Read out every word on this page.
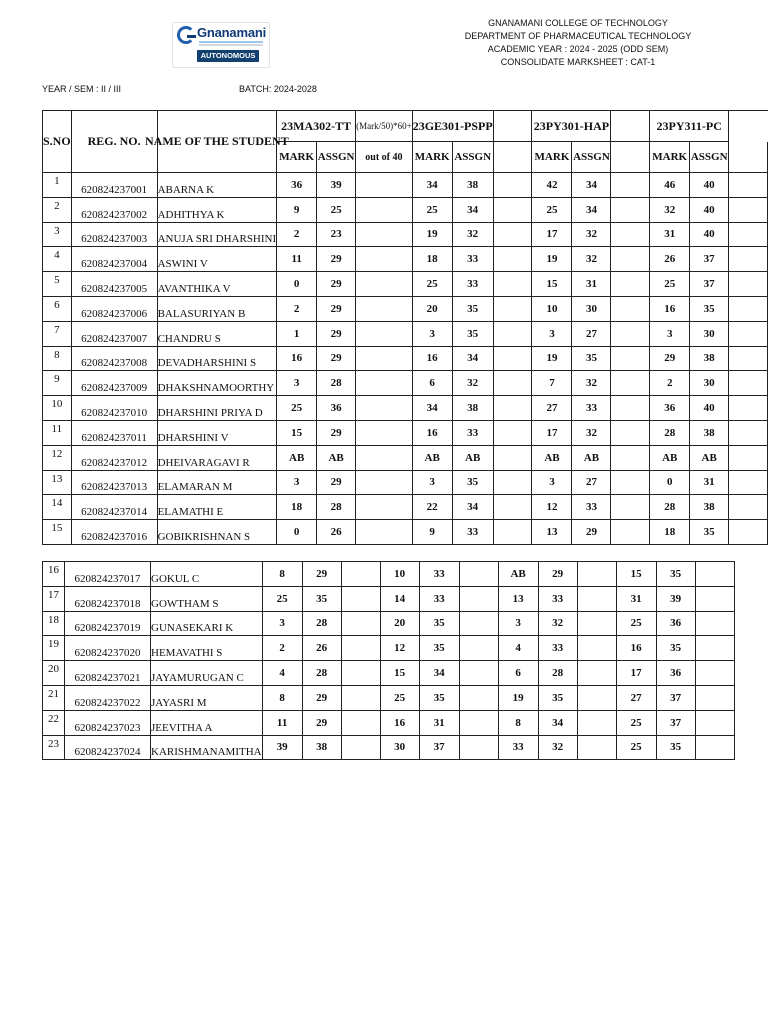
Gnanamani
AUTONOMOUS
GNANAMANI COLLEGE OF TECHNOLOGY
DEPARTMENT OF PHARMACEUTICAL TECHNOLOGY
ACADEMIC YEAR : 2024 - 2025 (ODD SEM)
CONSOLIDATE MARKSHEET : CAT-1
YEAR / SEM : II / III	BATCH: 2024-2028
S.NO	REG. NO.	NAME OF THE STUDENT	23MA302-TT		(Mark/50)*60+	23GE301-PSPP			23PY301-HAP			23PY311-PC		
			MARK	ASSGN	out of 40	MARK	ASSGN		MARK	ASSGN		MARK	ASSGN	
1	620824237001	ABARNA K	36	39		34	38		42	34		46	40	
2	620824237002	ADHITHYA K	9	25		25	34		25	34		32	40	
3	620824237003	ANUJA SRI DHARSHINI	2	23		19	32		17	32		31	40	
4	620824237004	ASWINI V	11	29		18	33		19	32		26	37	
5	620824237005	AVANTHIKA V	0	29		25	33		15	31		25	37	
6	620824237006	BALASURIYAN B	2	29		20	35		10	30		16	35	
7	620824237007	CHANDRU S	1	29		3	35		3	27		3	30	
8	620824237008	DEVADHARSHINI S	16	29		16	34		19	35		29	38	
9	620824237009	DHAKSHNAMOORTHY	3	28		6	32		7	32		2	30	
10	620824237010	DHARSHINI PRIYA D	25	36		34	38		27	33		36	40	
11	620824237011	DHARSHINI V	15	29		16	33		17	32		28	38	
12	620824237012	DHEIVARAGAVI R	AB	AB		AB	AB		AB	AB		AB	AB	
13	620824237013	ELAMARAN M	3	29		3	35		3	27		0	31	
14	620824237014	ELAMATHI E	18	28		22	34		12	33		28	38	
15	620824237016	GOBIKRISHNAN S	0	26		9	33		13	29		18	35	
16	620824237017	GOKUL C	8	29		10	33		AB	29		15	35	
17	620824237018	GOWTHAM S	25	35		14	33		13	33		31	39	
18	620824237019	GUNASEKARI K	3	28		20	35		3	32		25	36	
19	620824237020	HEMAVATHI S	2	26		12	35		4	33		16	35	
20	620824237021	JAYAMURUGAN C	4	28		15	34		6	28		17	36	
21	620824237022	JAYASRI M	8	29		25	35		19	35		27	37	
22	620824237023	JEEVITHA A	11	29		16	31		8	34		25	37	
23	620824237024	KARISHMANAMITHA	39	38		30	37		33	32		25	35	
